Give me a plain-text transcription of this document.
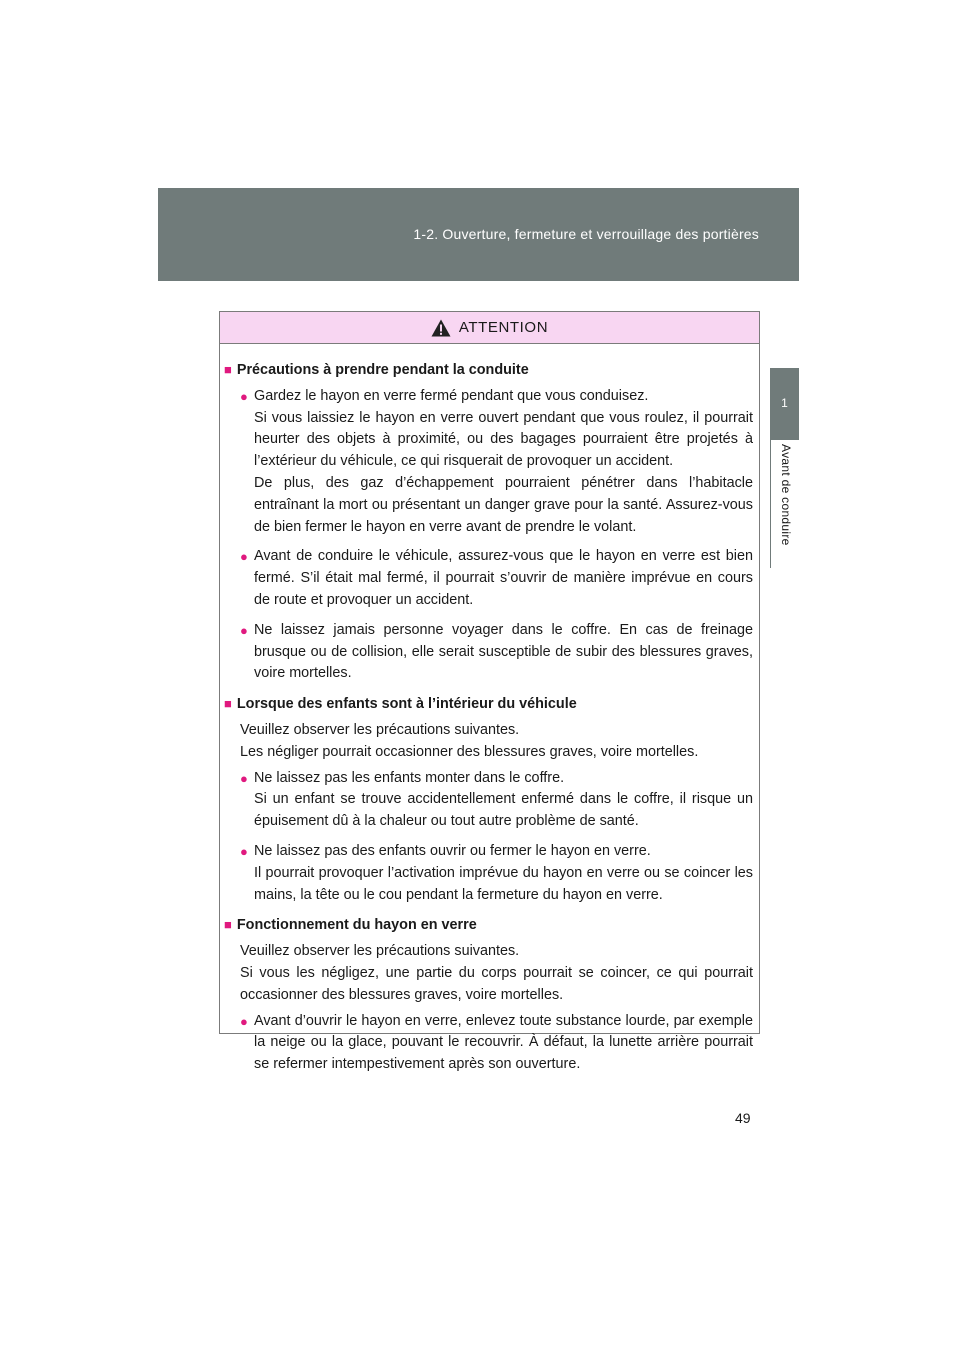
1-2. Ouverture, fermeture et verrouillage des portières
1
Avant de conduire
ATTENTION
■ Précautions à prendre pendant la conduite
● Gardez le hayon en verre fermé pendant que vous conduisez.

Si vous laissiez le hayon en verre ouvert pendant que vous roulez, il pourrait heurter des objets à proximité, ou des bagages pourraient être projetés à l’extérieur du véhicule, ce qui risquerait de provoquer un accident.

De plus, des gaz d’échappement pourraient pénétrer dans l’habitacle entraînant la mort ou présentant un danger grave pour la santé. Assurez-vous de bien fermer le hayon en verre avant de prendre le volant.

● Avant de conduire le véhicule, assurez-vous que le hayon en verre est bien fermé. S’il était mal fermé, il pourrait s’ouvrir de manière imprévue en cours de route et provoquer un accident.

● Ne laissez jamais personne voyager dans le coffre. En cas de freinage brusque ou de collision, elle serait susceptible de subir des blessures graves, voire mortelles.

■ Lorsque des enfants sont à l’intérieur du véhicule

Veuillez observer les précautions suivantes.

Les négliger pourrait occasionner des blessures graves, voire mortelles.

● Ne laissez pas les enfants monter dans le coffre.

Si un enfant se trouve accidentellement enfermé dans le coffre, il risque un épuisement dû à la chaleur ou tout autre problème de santé.

● Ne laissez pas des enfants ouvrir ou fermer le hayon en verre.

Il pourrait provoquer l’activation imprévue du hayon en verre ou se coincer les mains, la tête ou le cou pendant la fermeture du hayon en verre.

■ Fonctionnement du hayon en verre

Veuillez observer les précautions suivantes.

Si vous les négligez, une partie du corps pourrait se coincer, ce qui pourrait occasionner des blessures graves, voire mortelles.

● Avant d’ouvrir le hayon en verre, enlevez toute substance lourde, par exemple la neige ou la glace, pouvant le recouvrir. À défaut, la lunette arrière pourrait se refermer intempestivement après son ouverture.

49
